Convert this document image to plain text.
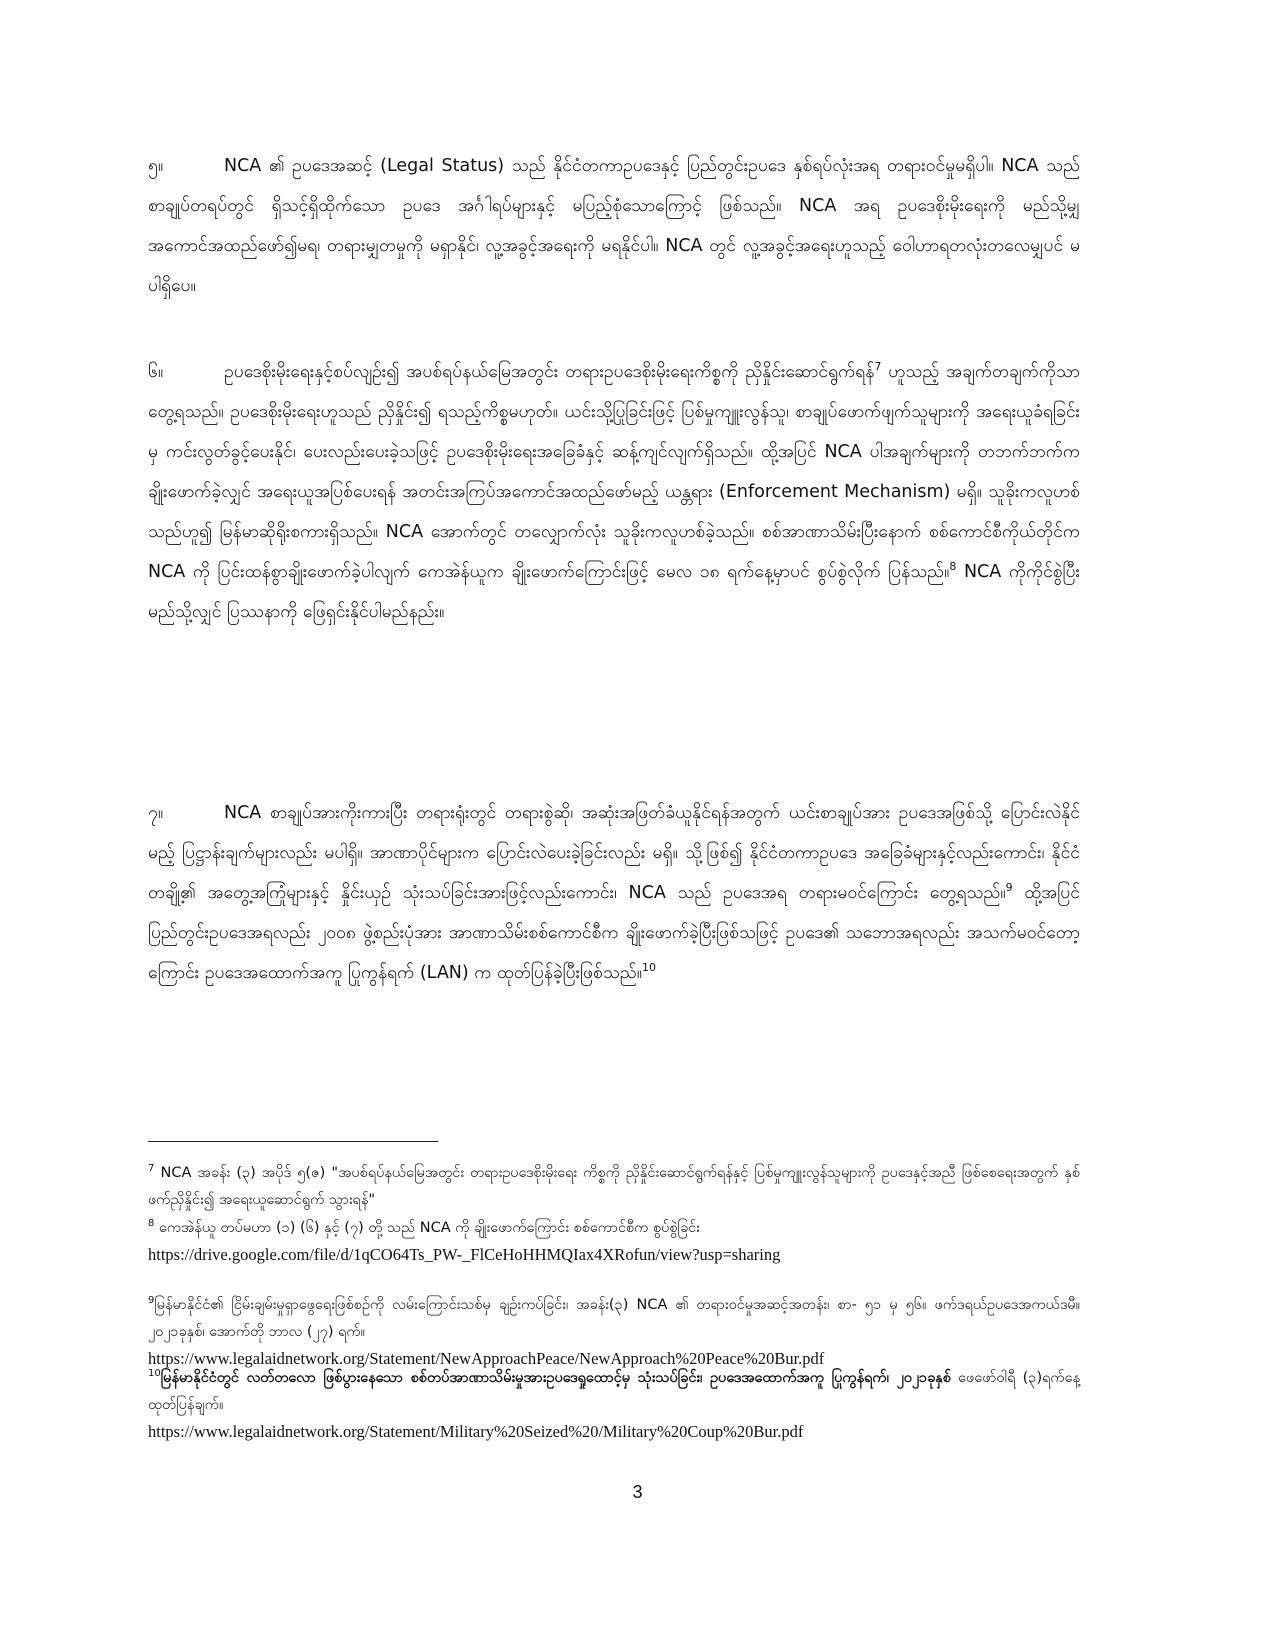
၅။	NCA ၏ ဥပဒေအဆင့် (Legal Status) သည် နိုင်ငံတကာဥပဒေနှင့် ပြည်တွင်းဥပဒေ နှစ်ရပ်လုံးအရ တရားဝင်မှုမရှိပါ။ NCA သည် စာချုပ်တရပ်တွင် ရှိသင့်ရှိထိုက်သော ဥပဒေ အင်္ဂါရပ်များနှင့် မပြည့်စုံသောကြောင့် ဖြစ်သည်။ NCA အရ ဥပဒေစိုးမိုးရေးကို မည်သို့မျှ အကောင်အထည်ဖော်၍မရ၊ တရားမျှတမှုကို မရှာနိုင်၊ လူ့အခွင့်အရေးကို မရနိုင်ပါ။ NCA တွင် လူ့အခွင့်အရေးဟူသည့် ဝေါဟာရတလုံးတလေမျှပင် မပါရှိပေ။

၆။	ဥပဒေစိုးမိုးရေးနှင့်စပ်လျဉ်း၍ အပစ်ရပ်နယ်မြေအတွင်း တရားဥပဒေစိုးမိုးရေးကိစ္စကို ညှိနှိုင်းဆောင်ရွက်ရန်$^7$ ဟူသည့် အချက်တချက်ကိုသာတွေ့ရသည်။ ဥပဒေစိုးမိုးရေးဟူသည် ညှိနှိုင်း၍ ရသည့်ကိစ္စမဟုတ်။ ယင်းသို့ပြုခြင်းဖြင့် ပြစ်မှုကျူးလွန်သူ၊ စာချုပ်ဖောက်ဖျက်သူများကို အရေးယူခံရခြင်းမှ ကင်းလွတ်ခွင့်ပေးနိုင်၊ ပေးလည်းပေးခဲ့သဖြင့် ဥပဒေစိုးမိုးရေးအခြေခံနှင့် ဆန့်ကျင်လျက်ရှိသည်။ ထို့အပြင် NCA ပါအချက်များကို တဘက်ဘက်က ချိုးဖောက်ခဲ့လျှင် အရေးယူအပြစ်ပေးရန် အတင်းအကြပ်အကောင်အထည်ဖော်မည့် ယန္တရား (Enforcement Mechanism) မရှိ။ သူခိုးကလူဟစ်သည်ဟူ၍ မြန်မာဆိုရိုးစကားရှိသည်။ NCA အောက်တွင် တလျှောက်လုံး သူခိုးကလူဟစ်ခဲ့သည်။ စစ်အာဏာသိမ်းပြီးနောက် စစ်ကောင်စီကိုယ်တိုင်က NCA ကို ပြင်းထန်စွာချိုးဖောက်ခဲ့ပါလျက် ကေအဲန်ယူက ချိုးဖောက်ကြောင်းဖြင့် မေလ ၁၈ ရက်နေ့မှာပင် စွပ်စွဲလိုက် ပြန်သည်။$^8$ NCA ကိုကိုင်စွဲပြီး မည်သို့လျှင် ပြဿနာကို ဖြေရှင်းနိုင်ပါမည်နည်း။

၇။	NCA စာချုပ်အားကိုးကားပြီး တရားရုံးတွင် တရားစွဲဆို၊ အဆုံးအဖြတ်ခံယူနိုင်ရန်အတွက် ယင်းစာချုပ်အား ဥပဒေအဖြစ်သို့ ပြောင်းလဲနိုင်မည့် ပြဋ္ဌာန်းချက်များလည်း မပါရှိ။ အာဏာပိုင်များက ပြောင်းလဲပေးခဲ့ခြင်းလည်း မရှိ။ သို့ဖြစ်၍ နိုင်ငံတကာဥပဒေ အခြေခံများနှင့်လည်းကောင်း၊ နိုင်ငံတချို့၏ အတွေ့အကြုံများနှင့် နှိုင်းယှဉ် သုံးသပ်ခြင်းအားဖြင့်လည်းကောင်း၊ NCA သည် ဥပဒေအရ တရားမဝင်ကြောင်း တွေ့ရသည်။$^9$ ထို့အပြင် ပြည်တွင်းဥပဒေအရလည်း ၂၀၀၈ ဖွဲ့စည်းပုံအား အာဏာသိမ်းစစ်ကောင်စီက ချိုးဖောက်ခဲ့ပြီးဖြစ်သဖြင့် ဥပဒေ၏ သဘောအရလည်း အသက်မဝင်တော့ကြောင်း ဥပဒေအထောက်အကူ ပြုကွန်ရက် (LAN) က ထုတ်ပြန်ခဲ့ပြီးဖြစ်သည်။$^{10}$

$^7$ NCA အခန်း (၃) အပိုဒ် ၅(ဇ) "အပစ်ရပ်နယ်မြေအတွင်း တရားဥပဒေစိုးမိုးရေး ကိစ္စကို ညှိနှိုင်းဆောင်ရွက်ရန်နှင့် ပြစ်မှုကျူးလွန်သူများကို ဥပဒေနှင့်အညီ ဖြစ်စေရေးအတွက် နှစ်ဖက်ညှိနှိုင်း၍ အရေးယူဆောင်ရွက် သွားရန်"

$^8$ ကေအဲန်ယူ တပ်မဟာ (၁) (၆) နှင့် (၇) တို့ သည် NCA ကို ချိုးဖောက်ကြောင်း စစ်ကောင်စီက စွပ်စွဲခြင်း
https://drive.google.com/file/d/1qCO64Ts_PW-_FlCeHoHHMQIax4XRofun/view?usp=sharing

$^9$မြန်မာနိုင်ငံ၏ ငြိမ်းချမ်းမှုရှာဖွေရေးဖြစ်စဉ်ကို လမ်းကြောင်းသစ်မှ ချဉ်းကပ်ခြင်း၊ အခန်း(၃) NCA ၏ တရားဝင်မှုအဆင့်အတန်း၊ စာ- ၅၁ မှ ၅၆။ ဖက်ဒရယ်ဥပဒေအကယ်ဒမီ။ ၂၀၂၁ခုနှစ်၊ အောက်တို ဘာလ (၂၇) ရက်။
https://www.legalaidnetwork.org/Statement/NewApproachPeace/NewApproach%20Peace%20Bur.pdf

$^{10}$မြန်မာနိုင်ငံတွင် လတ်တလော ဖြစ်ပွားနေသော စစ်တပ်အာဏာသိမ်းမှုအားဥပဒေရှုထောင့်မှ သုံးသပ်ခြင်း၊ ဥပဒေအထောက်အကူ ပြုကွန်ရက်၊ ၂၀၂၁ခုနှစ် ဖေဖော်ဝါရီ (၃)ရက်နေ့ ထုတ်ပြန်ချက်။
https://www.legalaidnetwork.org/Statement/Military%20Seized%20/Military%20Coup%20Bur.pdf

3
